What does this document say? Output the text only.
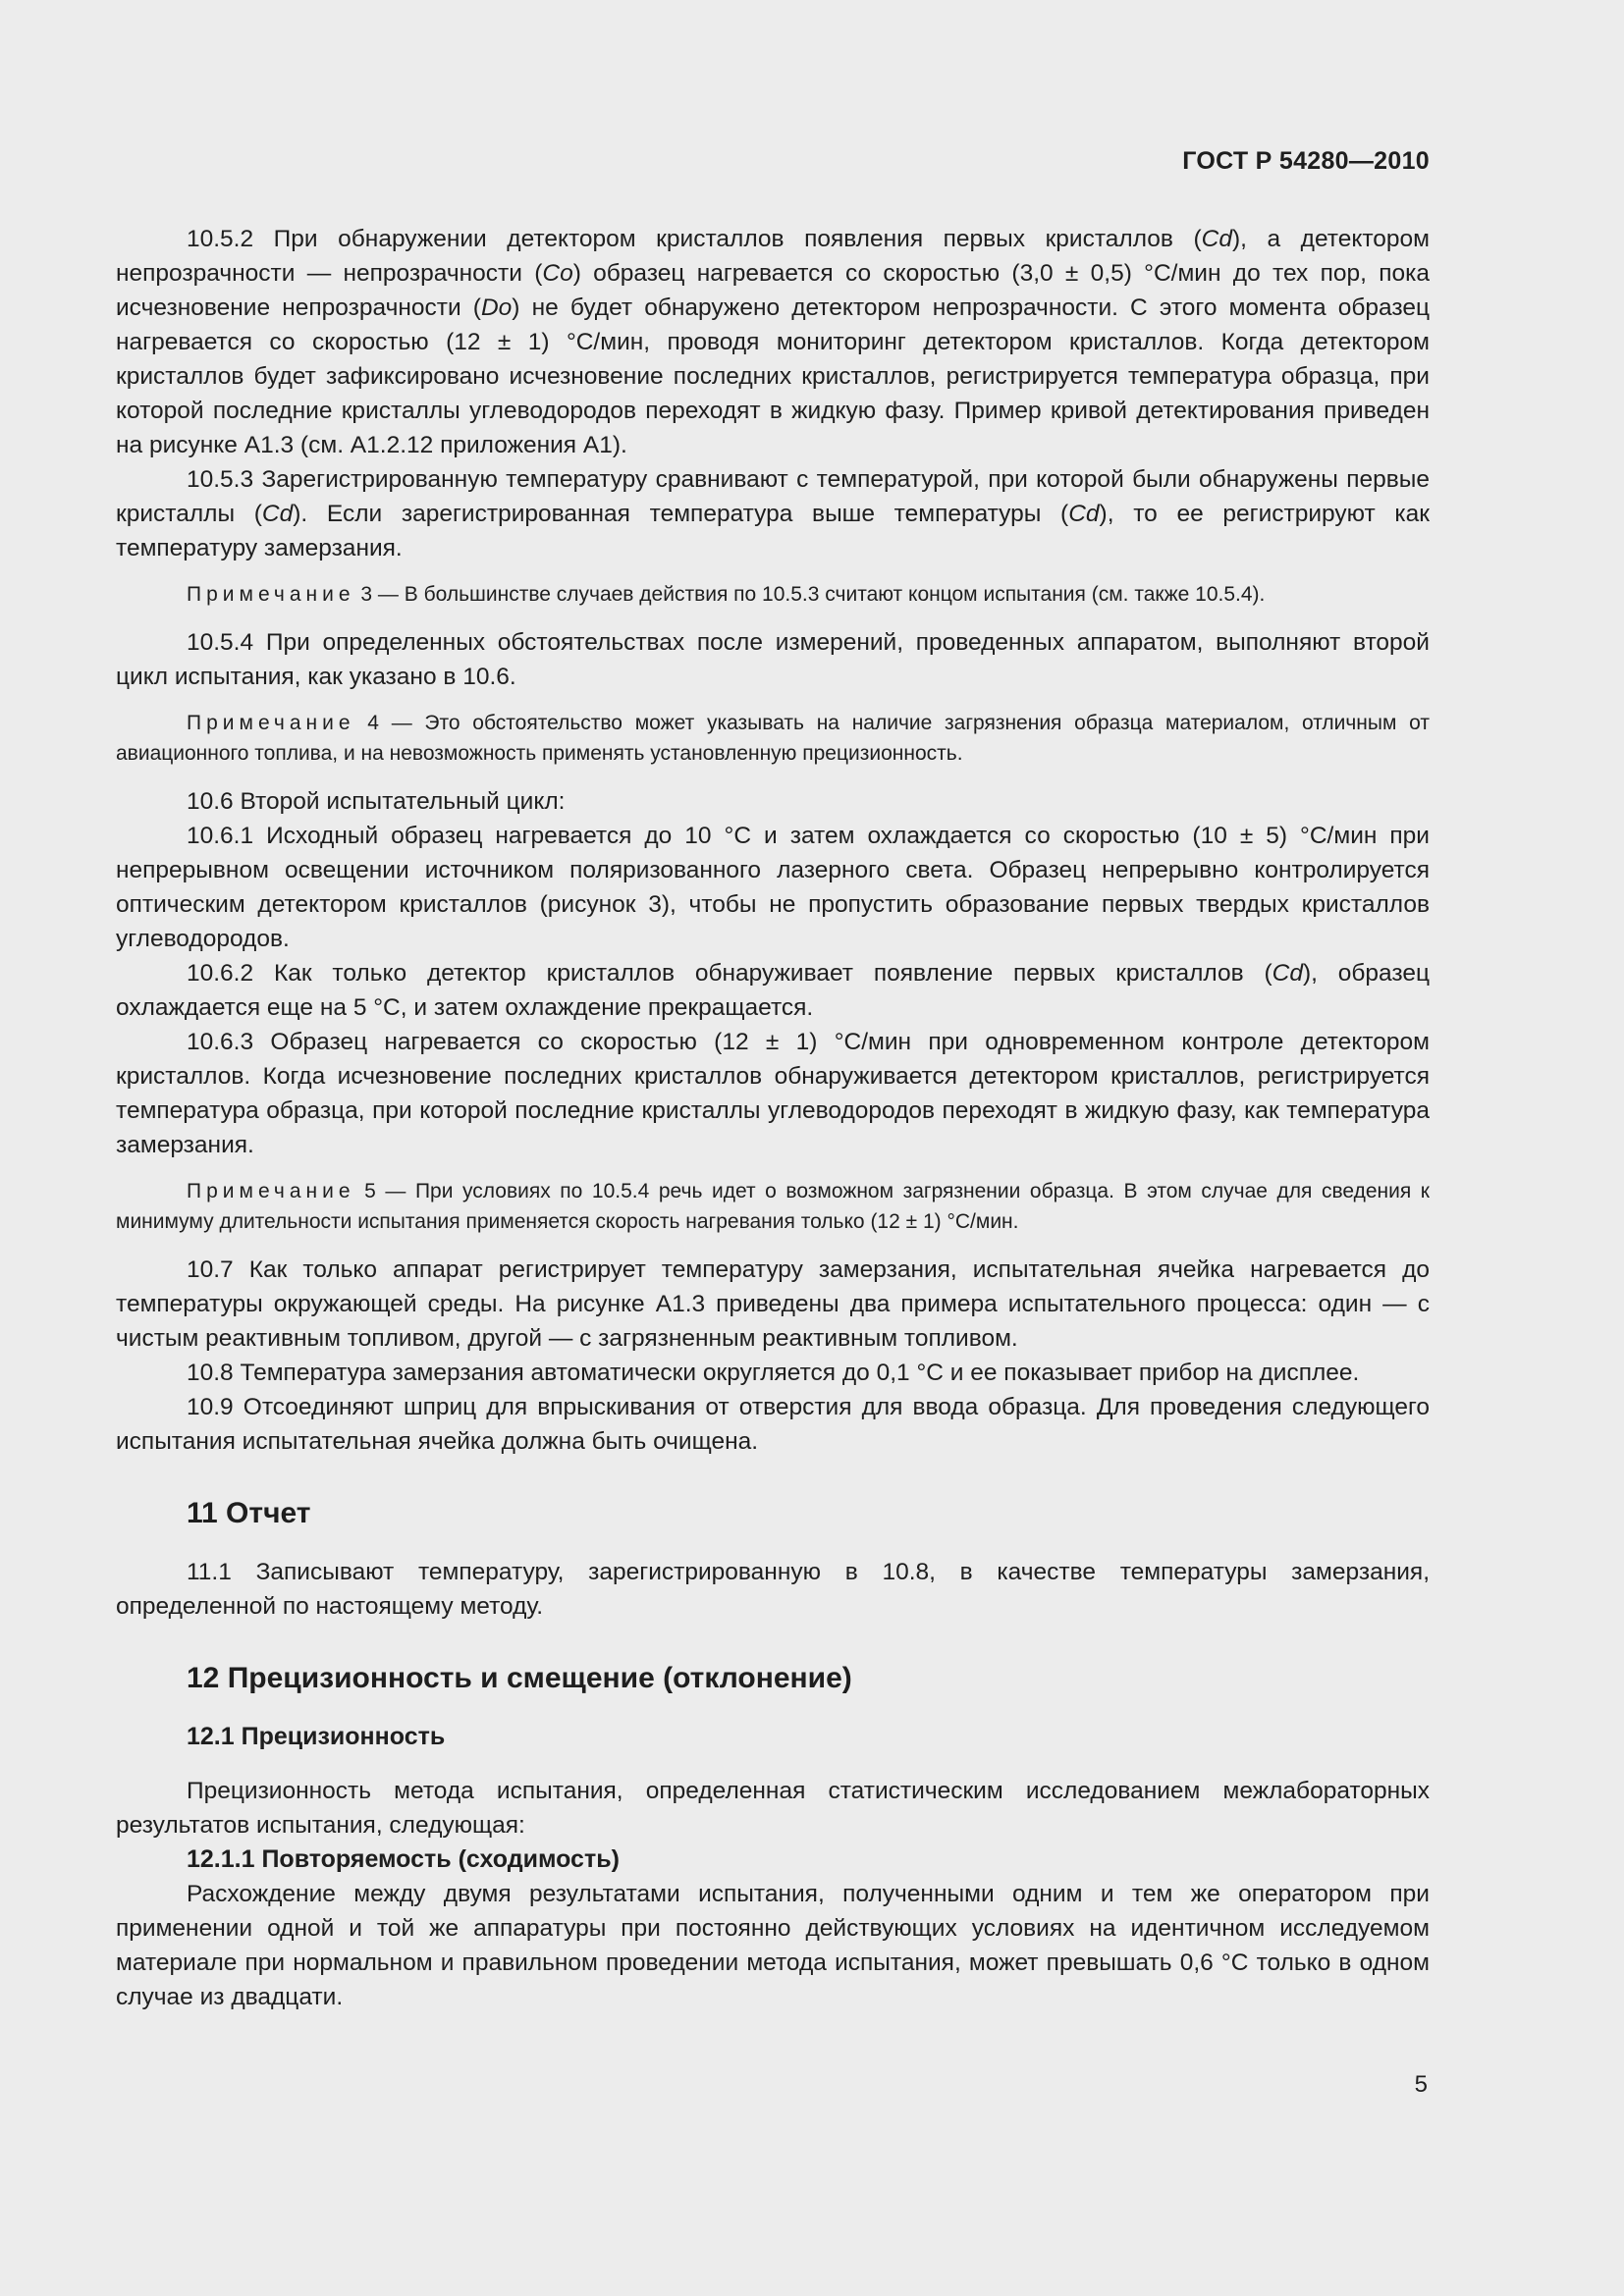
ГОСТ Р 54280—2010

10.5.2 При обнаружении детектором кристаллов появления первых кристаллов (Cd), а детектором непрозрачности — непрозрачности (Co) образец нагревается со скоростью (3,0 ± 0,5) °С/мин до тех пор, пока исчезновение непрозрачности (Do) не будет обнаружено детектором непрозрачности. С этого момента образец нагревается со скоростью (12 ± 1) °С/мин, проводя мониторинг детектором кристаллов. Когда детектором кристаллов будет зафиксировано исчезновение последних кристаллов, регистрируется температура образца, при которой последние кристаллы углеводородов переходят в жидкую фазу. Пример кривой детектирования приведен на рисунке А1.3 (см. А1.2.12 приложения А1).

10.5.3 Зарегистрированную температуру сравнивают с температурой, при которой были обнаружены первые кристаллы (Cd). Если зарегистрированная температура выше температуры (Cd), то ее регистрируют как температуру замерзания.

Примечание 3 — В большинстве случаев действия по 10.5.3 считают концом испытания (см. также 10.5.4).

10.5.4 При определенных обстоятельствах после измерений, проведенных аппаратом, выполняют второй цикл испытания, как указано в 10.6.

Примечание 4 — Это обстоятельство может указывать на наличие загрязнения образца материалом, отличным от авиационного топлива, и на невозможность применять установленную прецизионность.

10.6 Второй испытательный цикл:

10.6.1 Исходный образец нагревается до 10 °С и затем охлаждается со скоростью (10 ± 5) °С/мин при непрерывном освещении источником поляризованного лазерного света. Образец непрерывно контролируется оптическим детектором кристаллов (рисунок 3), чтобы не пропустить образование первых твердых кристаллов углеводородов.

10.6.2 Как только детектор кристаллов обнаруживает появление первых кристаллов (Cd), образец охлаждается еще на 5 °С, и затем охлаждение прекращается.

10.6.3 Образец нагревается со скоростью (12 ± 1) °С/мин при одновременном контроле детектором кристаллов. Когда исчезновение последних кристаллов обнаруживается детектором кристаллов, регистрируется температура образца, при которой последние кристаллы углеводородов переходят в жидкую фазу, как температура замерзания.

Примечание 5 — При условиях по 10.5.4 речь идет о возможном загрязнении образца. В этом случае для сведения к минимуму длительности испытания применяется скорость нагревания только (12 ± 1) °С/мин.

10.7 Как только аппарат регистрирует температуру замерзания, испытательная ячейка нагревается до температуры окружающей среды. На рисунке А1.3 приведены два примера испытательного процесса: один — с чистым реактивным топливом, другой — с загрязненным реактивным топливом.

10.8 Температура замерзания автоматически округляется до 0,1 °С и ее показывает прибор на дисплее.

10.9 Отсоединяют шприц для впрыскивания от отверстия для ввода образца. Для проведения следующего испытания испытательная ячейка должна быть очищена.

11 Отчет

11.1 Записывают температуру, зарегистрированную в 10.8, в качестве температуры замерзания, определенной по настоящему методу.

12 Прецизионность и смещение (отклонение)
12.1 Прецизионность

Прецизионность метода испытания, определенная статистическим исследованием межлабораторных результатов испытания, следующая:

12.1.1 Повторяемость (сходимость)

Расхождение между двумя результатами испытания, полученными одним и тем же оператором при применении одной и той же аппаратуры при постоянно действующих условиях на идентичном исследуемом материале при нормальном и правильном проведении метода испытания, может превышать 0,6 °С только в одном случае из двадцати.

5
